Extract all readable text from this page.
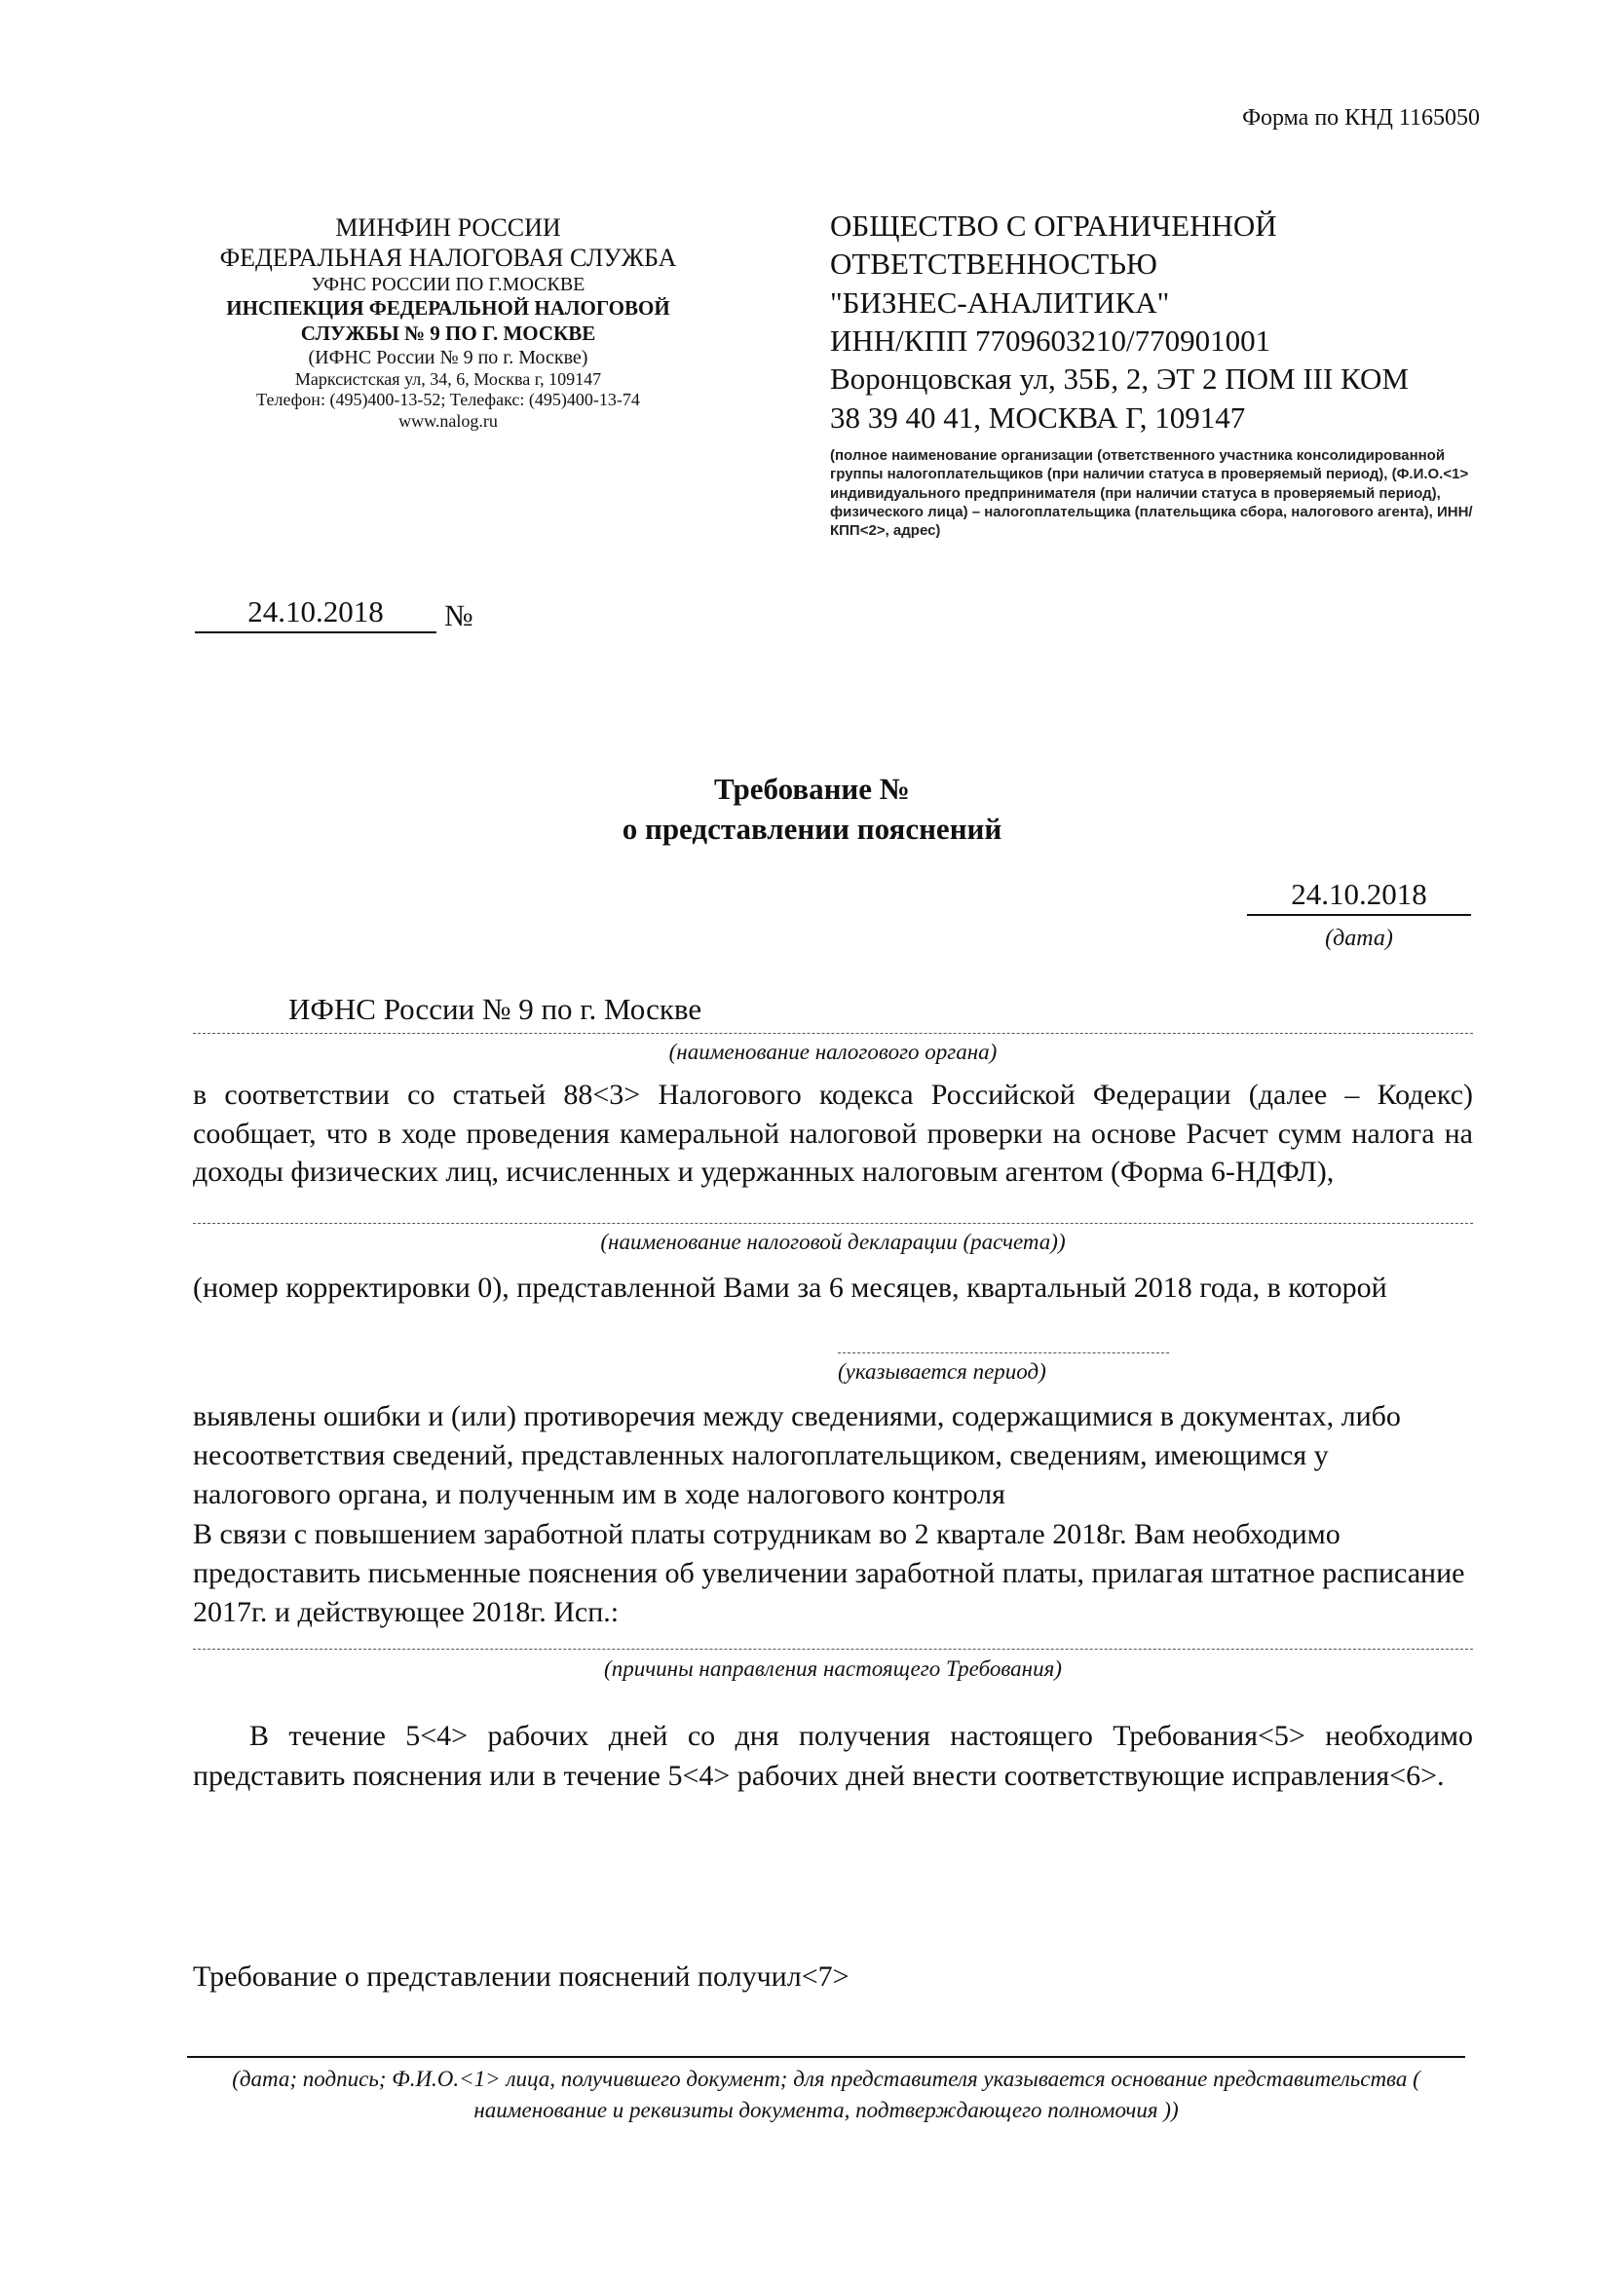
Форма по КНД 1165050
МИНФИН РОССИИ
ФЕДЕРАЛЬНАЯ НАЛОГОВАЯ СЛУЖБА
УФНС РОССИИ ПО Г.МОСКВЕ
ИНСПЕКЦИЯ ФЕДЕРАЛЬНОЙ НАЛОГОВОЙ
СЛУЖБЫ № 9 ПО Г. МОСКВЕ
(ИФНС России № 9 по г. Москве)
Марксистская ул, 34, 6, Москва г, 109147
Телефон: (495)400-13-52; Телефакс: (495)400-13-74
www.nalog.ru
ОБЩЕСТВО С ОГРАНИЧЕННОЙ
ОТВЕТСТВЕННОСТЬЮ
"БИЗНЕС-АНАЛИТИКА"
ИНН/КПП 7709603210/770901001
Воронцовская ул, 35Б, 2, ЭТ 2 ПОМ III КОМ
38 39 40 41, МОСКВА Г, 109147
(полное наименование организации (ответственного участника консолидированной группы налогоплательщиков (при наличии статуса в проверяемый период), (Ф.И.О.<1> индивидуального предпринимателя (при наличии статуса в проверяемый период), физического лица) – налогоплательщика (плательщика сбора, налогового агента), ИНН/КПП<2>, адрес)
24.10.2018	№
Требование №
о представлении пояснений
24.10.2018
(дата)
ИФНС России № 9 по г. Москве
(наименование налогового органа)
в соответствии со статьей 88<3> Налогового кодекса Российской Федерации (далее – Кодекс) сообщает, что в ходе проведения камеральной налоговой проверки на основе Расчет сумм налога на доходы физических лиц, исчисленных и удержанных налоговым агентом (Форма 6-НДФЛ),
(наименование налоговой декларации (расчета))
(номер корректировки 0), представленной Вами за 6 месяцев, квартальный 2018 года, в которой
(указывается период)
выявлены ошибки и (или) противоречия между сведениями, содержащимися в документах, либо несоответствия сведений, представленных налогоплательщиком, сведениям, имеющимся у налогового органа, и полученным им в ходе налогового контроля
В связи с повышением заработной платы сотрудникам во 2 квартале 2018г. Вам необходимо предоставить письменные пояснения об увеличении заработной платы, прилагая штатное расписание 2017г. и действующее 2018г. Исп.:
(причины направления настоящего Требования)
В течение 5<4> рабочих дней со дня получения настоящего Требования<5> необходимо представить пояснения или в течение 5<4> рабочих дней внести соответствующие исправления<6>.
Требование о представлении пояснений получил<7>
(дата; подпись; Ф.И.О.<1> лица, получившего документ; для представителя указывается основание представительства ( наименование и реквизиты документа, подтверждающего полномочия ))
